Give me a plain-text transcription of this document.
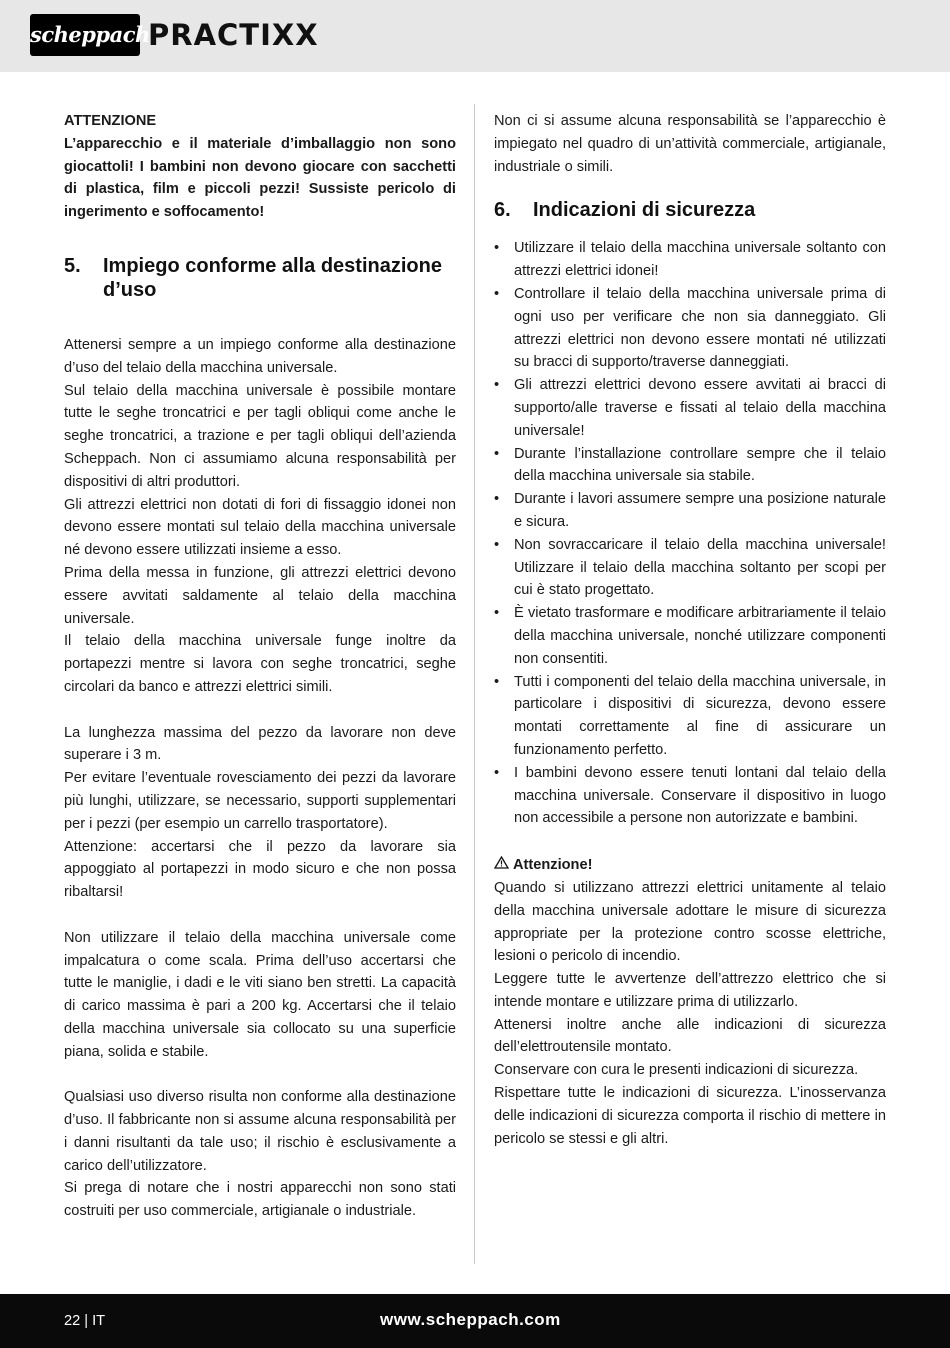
scheppach
PRACTIXX

ATTENZIONE

L’apparecchio e il materiale d’imballaggio non sono giocattoli! I bambini non devono giocare con sacchetti di plastica, film e piccoli pezzi! Sussiste pericolo di ingerimento e soffocamento!

5.	Impiego conforme alla destinazione d’uso

Attenersi sempre a un impiego conforme alla destinazione d’uso del telaio della macchina universale.

Sul telaio della macchina universale è possibile montare tutte le seghe troncatrici e per tagli obliqui come anche le seghe troncatrici, a trazione e per tagli obliqui dell’azienda Scheppach. Non ci assumiamo alcuna responsabilità per dispositivi di altri produttori.

Gli attrezzi elettrici non dotati di fori di fissaggio idonei non devono essere montati sul telaio della macchina universale né devono essere utilizzati insieme a esso.

Prima della messa in funzione, gli attrezzi elettrici devono essere avvitati saldamente al telaio della macchina universale.

Il telaio della macchina universale funge inoltre da portapezzi mentre si lavora con seghe troncatrici, seghe circolari da banco e attrezzi elettrici simili.

La lunghezza massima del pezzo da lavorare non deve superare i 3 m.

Per evitare l’eventuale rovesciamento dei pezzi da lavorare più lunghi, utilizzare, se necessario, supporti supplementari per i pezzi (per esempio un carrello trasportatore).

Attenzione: accertarsi che il pezzo da lavorare sia appoggiato al portapezzi in modo sicuro e che non possa ribaltarsi!

Non utilizzare il telaio della macchina universale come impalcatura o come scala. Prima dell’uso accertarsi che tutte le maniglie, i dadi e le viti siano ben stretti. La capacità di carico massima è pari a 200 kg. Accertarsi che il telaio della macchina universale sia collocato su una superficie piana, solida e stabile.

Qualsiasi uso diverso risulta non conforme alla destinazione d’uso. Il fabbricante non si assume alcuna responsabilità per i danni risultanti da tale uso; il rischio è esclusivamente a carico dell’utilizzatore.

Si prega di notare che i nostri apparecchi non sono stati costruiti per uso commerciale, artigianale o industriale.

Non ci si assume alcuna responsabilità se l’apparecchio è impiegato nel quadro di un’attività commerciale, artigianale, industriale o simili.

6.	Indicazioni di sicurezza
•	Utilizzare il telaio della macchina universale soltanto con attrezzi elettrici idonei!
•	Controllare il telaio della macchina universale prima di ogni uso per verificare che non sia danneggiato. Gli attrezzi elettrici non devono essere montati né utilizzati su bracci di supporto/traverse danneggiati.
•	Gli attrezzi elettrici devono essere avvitati ai bracci di supporto/alle traverse e fissati al telaio della macchina universale!
•	Durante l’installazione controllare sempre che il telaio della macchina universale sia stabile.
•	Durante i lavori assumere sempre una posizione naturale e sicura.
•	Non sovraccaricare il telaio della macchina universale! Utilizzare il telaio della macchina soltanto per scopi per cui è stato progettato.
•	È vietato trasformare e modificare arbitrariamente il telaio della macchina universale, nonché utilizzare componenti non consentiti.
•	Tutti i componenti del telaio della macchina universale, in particolare i dispositivi di sicurezza, devono essere montati correttamente al fine di assicurare un funzionamento perfetto.
•	I bambini devono essere tenuti lontani dal telaio della macchina universale. Conservare il dispositivo in luogo non accessibile a persone non autorizzate e bambini.

Attenzione!

Quando si utilizzano attrezzi elettrici unitamente al telaio della macchina universale adottare le misure di sicurezza appropriate per la protezione contro scosse elettriche, lesioni o pericolo di incendio.

Leggere tutte le avvertenze dell’attrezzo elettrico che si intende montare e utilizzare prima di utilizzarlo.

Attenersi inoltre anche alle indicazioni di sicurezza dell’elettroutensile montato.

Conservare con cura le presenti indicazioni di sicurezza.

Rispettare tutte le indicazioni di sicurezza. L’inosservanza delle indicazioni di sicurezza comporta il rischio di mettere in pericolo se stessi e gli altri.

22 | IT	www.scheppach.com
